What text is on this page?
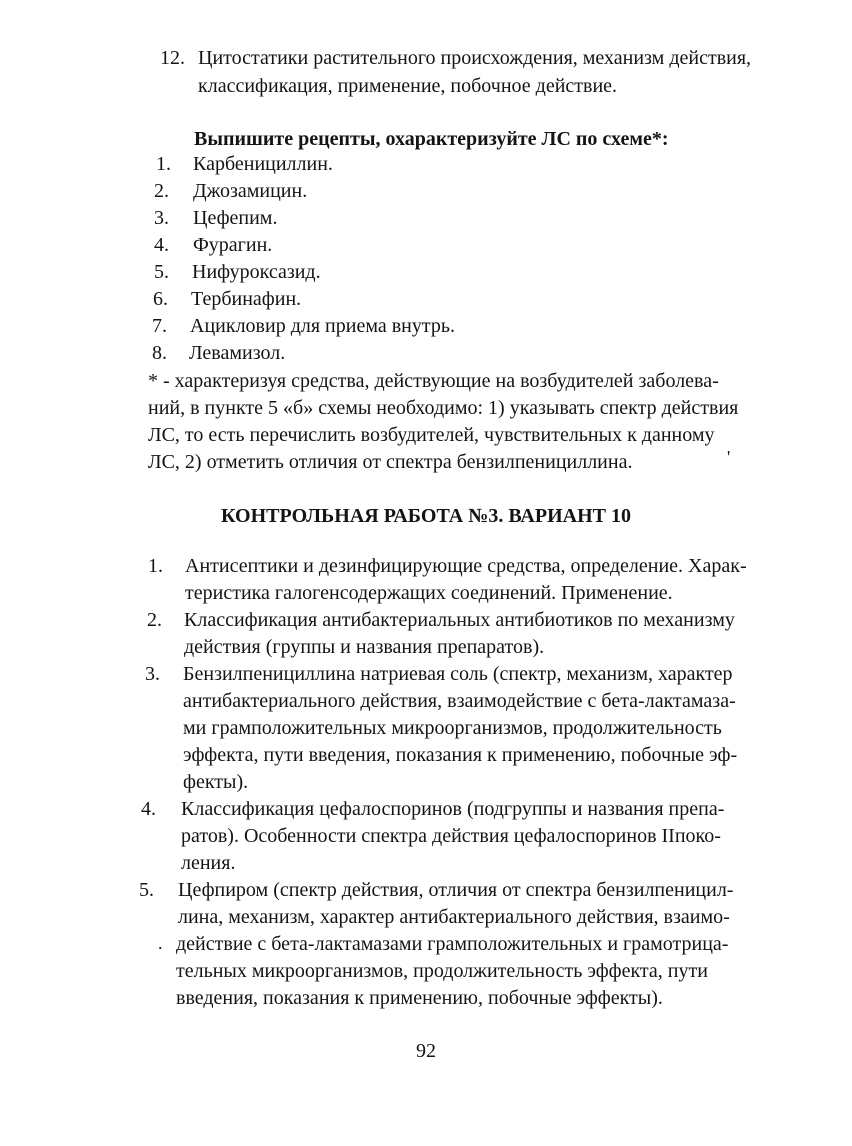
12. Цитостатики растительного происхождения, механизм действия,
классификация, применение, побочное действие.
Выпишите рецепты, охарактеризуйте ЛС по схеме*:
1. Карбенициллин.
2. Джозамицин.
3. Цефепим.
4. Фурагин.
5. Нифуроксазид.
6. Тербинафин.
7. Ацикловир для приема внутрь.
8. Левамизол.
* - характеризуя средства, действующие на возбудителей заболева-
ний, в пункте 5 «б» схемы необходимо: 1) указывать спектр действия
ЛС, то есть перечислить возбудителей, чувствительных к данному
ЛС, 2) отметить отличия от спектра бензилпенициллина.	'
КОНТРОЛЬНАЯ РАБОТА №3. ВАРИАНТ 10
1. Антисептики и дезинфицирующие средства, определение. Харак-
теристика галогенсодержащих соединений. Применение.
2. Классификация антибактериальных антибиотиков по механизму
действия (группы и названия препаратов).
3. Бензилпенициллина натриевая соль (спектр, механизм, характер
антибактериального действия, взаимодействие с бета-лактамаза-
ми грамположительных микроорганизмов, продолжительность
эффекта, пути введения, показания к применению, побочные эф-
фекты).
4. Классификация цефалоспоринов (подгруппы и названия препа-
ратов). Особенности спектра действия цефалоспоринов IIпоко-
ления.
5. Цефпиром (спектр действия, отличия от спектра бензилпеницил-
лина, механизм, характер антибактериального действия, взаимо-
. действие с бета-лактамазами грамположительных и грамотрица-
тельных микроорганизмов, продолжительность эффекта, пути
введения, показания к применению, побочные эффекты).
92
